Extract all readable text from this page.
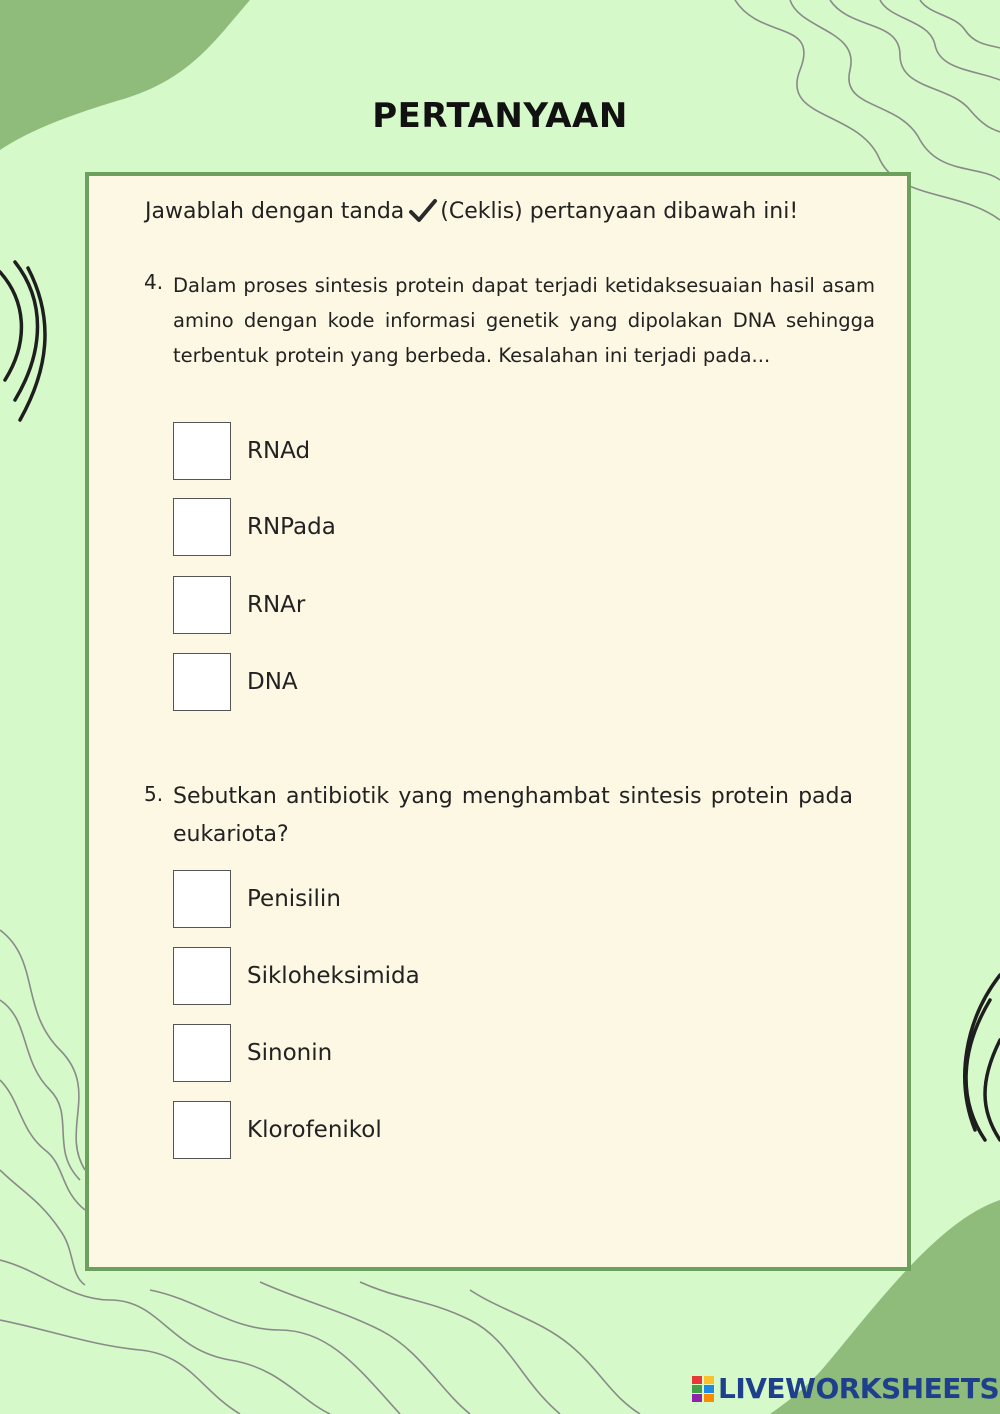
PERTANYAAN
Jawablah dengan tanda (Ceklis) pertanyaan dibawah ini!
4. Dalam proses sintesis protein dapat terjadi ketidaksesuaian hasil asam amino dengan kode informasi genetik yang dipolakan DNA sehingga terbentuk protein yang berbeda. Kesalahan ini terjadi pada...
RNAd
RNPada
RNAr
DNA
5. Sebutkan antibiotik yang menghambat sintesis protein pada eukariota?
Penisilin
Sikloheksimida
Sinonin
Klorofenikol
LIVEWORKSHEETS
